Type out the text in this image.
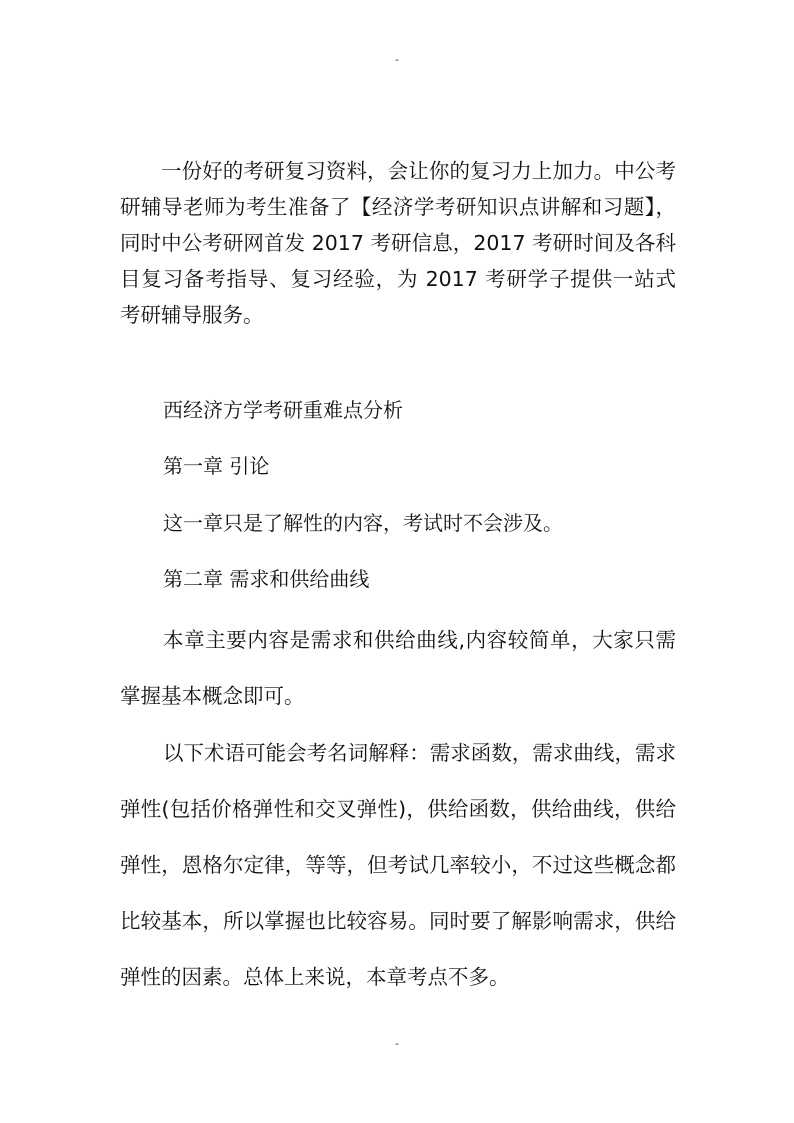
-

一份好的考研复习资料，会让你的复习力上加力。中公考研辅导老师为考生准备了【经济学考研知识点讲解和习题】，同时中公考研网首发 2017 考研信息，2017 考研时间及各科目复习备考指导、复习经验，为 2017 考研学子提供一站式考研辅导服务。

西经济方学考研重难点分析

第一章 引论

这一章只是了解性的内容，考试时不会涉及。

第二章 需求和供给曲线

本章主要内容是需求和供给曲线,内容较简单，大家只需掌握基本概念即可。

以下术语可能会考名词解释：需求函数，需求曲线，需求弹性(包括价格弹性和交叉弹性)，供给函数，供给曲线，供给弹性，恩格尔定律，等等，但考试几率较小，不过这些概念都比较基本，所以掌握也比较容易。同时要了解影响需求，供给弹性的因素。总体上来说，本章考点不多。

-
